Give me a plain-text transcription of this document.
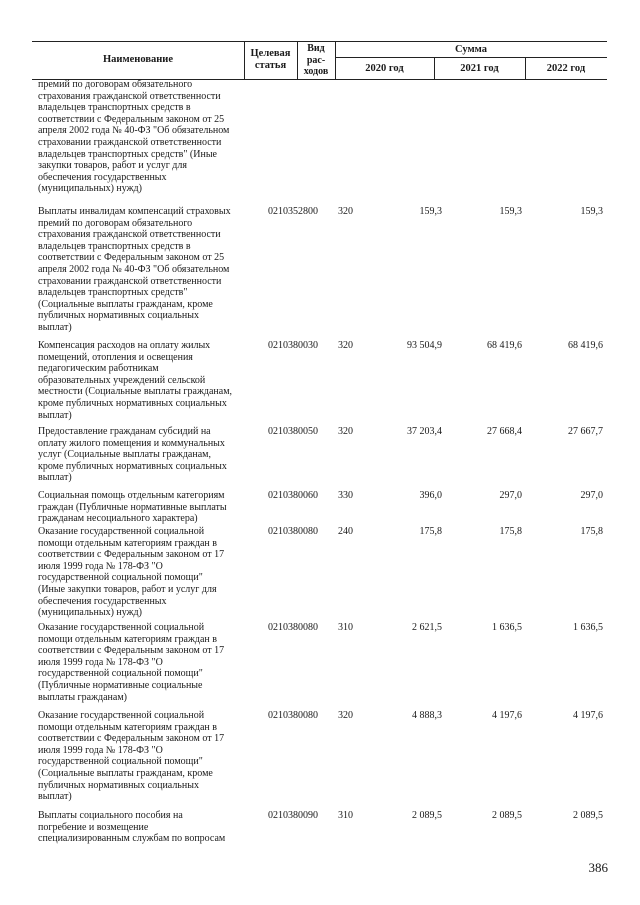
Наименование
Целевая
статья
Вид
рас-
ходов
Сумма
2020 год	2021 год	2022 год
премий по договорам обязательного
страхования гражданской ответственности
владельцев транспортных средств в
соответствии с Федеральным законом от 25
апреля 2002 года № 40-ФЗ "Об обязательном
страховании гражданской ответственности
владельцев транспортных средств" (Иные
закупки товаров, работ и услуг для
обеспечения государственных
(муниципальных) нужд)
Выплаты инвалидам компенсаций страховых
премий по договорам обязательного
страхования гражданской ответственности
владельцев транспортных средств в
соответствии с Федеральным законом от 25
апреля 2002 года № 40-ФЗ "Об обязательном
страховании гражданской ответственности
владельцев транспортных средств"
(Социальные выплаты гражданам, кроме
публичных нормативных социальных
выплат)
0210352800	320	159,3	159,3	159,3
Компенсация расходов на оплату жилых
помещений, отопления и освещения
педагогическим работникам
образовательных учреждений сельской
местности (Социальные выплаты гражданам,
кроме публичных нормативных социальных
выплат)
0210380030	320	93 504,9	68 419,6	68 419,6
Предоставление гражданам субсидий на
оплату жилого помещения и коммунальных
услуг (Социальные выплаты гражданам,
кроме публичных нормативных социальных
выплат)
0210380050	320	37 203,4	27 668,4	27 667,7
Социальная помощь отдельным категориям
граждан (Публичные нормативные выплаты
гражданам несоциального характера)
0210380060	330	396,0	297,0	297,0
Оказание государственной социальной
помощи отдельным категориям граждан в
соответствии с Федеральным законом от 17
июля 1999 года № 178-ФЗ "О
государственной социальной помощи"
(Иные закупки товаров, работ и услуг для
обеспечения государственных
(муниципальных) нужд)
0210380080	240	175,8	175,8	175,8
Оказание государственной социальной
помощи отдельным категориям граждан в
соответствии с Федеральным законом от 17
июля 1999 года № 178-ФЗ "О
государственной социальной помощи"
(Публичные нормативные социальные
выплаты гражданам)
0210380080	310	2 621,5	1 636,5	1 636,5
Оказание государственной социальной
помощи отдельным категориям граждан в
соответствии с Федеральным законом от 17
июля 1999 года № 178-ФЗ "О
государственной социальной помощи"
(Социальные выплаты гражданам, кроме
публичных нормативных социальных
выплат)
0210380080	320	4 888,3	4 197,6	4 197,6
Выплаты социального пособия на
погребение и возмещение
специализированным службам по вопросам
0210380090	310	2 089,5	2 089,5	2 089,5
386
